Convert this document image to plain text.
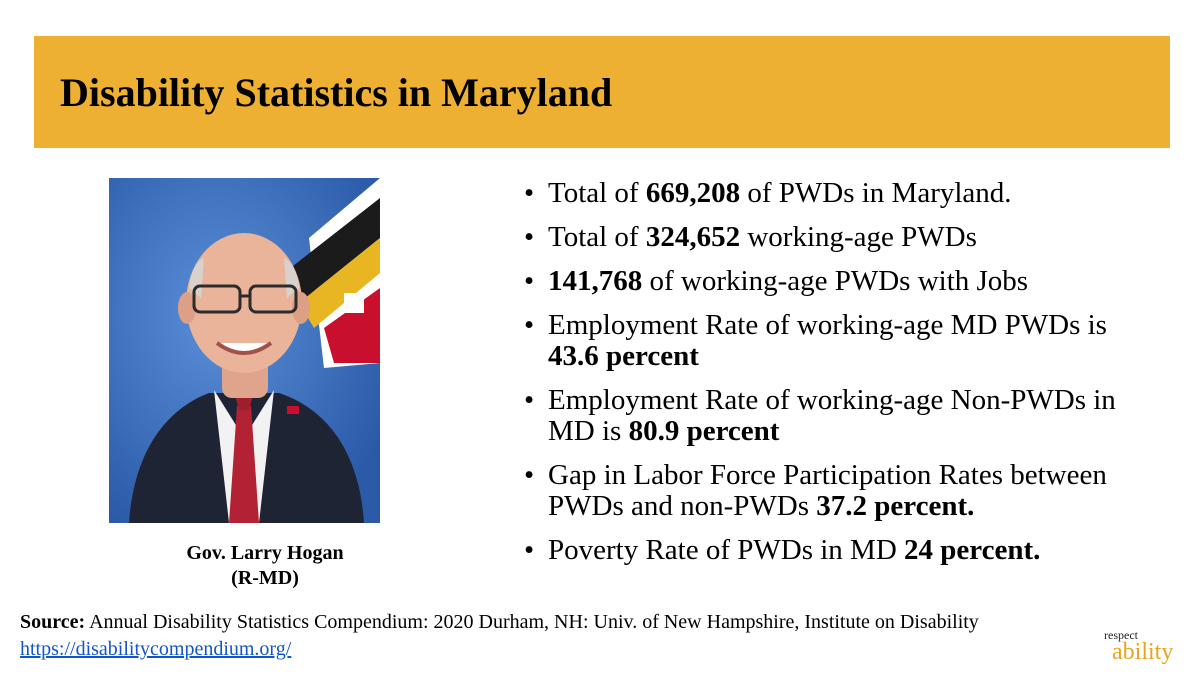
Disability Statistics in Maryland
Gov. Larry Hogan
(R-MD)
• Total of 669,208 of PWDs in Maryland.
• Total of 324,652 working-age PWDs
• 141,768 of working-age PWDs with Jobs
• Employment Rate of working-age MD PWDs is 43.6 percent
• Employment Rate of working-age Non-PWDs in MD is 80.9 percent
• Gap in Labor Force Participation Rates between PWDs and non-PWDs 37.2 percent.
• Poverty Rate of PWDs in MD 24 percent.
Source: Annual Disability Statistics Compendium: 2020 Durham, NH: Univ. of New Hampshire, Institute on Disability
https://disabilitycompendium.org/
respect
ability
